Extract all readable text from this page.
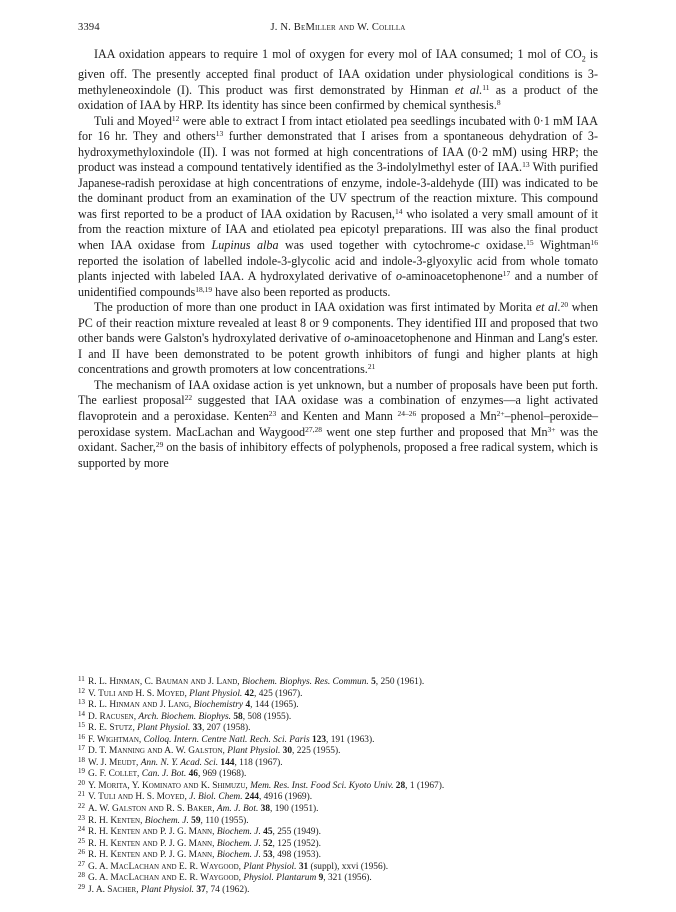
3394	J. N. BeMiller and W. Colilla

IAA oxidation appears to require 1 mol of oxygen for every mol of IAA consumed; 1 mol of $CO_2$ is given off. The presently accepted final product of IAA oxidation under physiological conditions is 3-methyleneoxindole (I). This product was first demonstrated by Hinman et al.$^{11}$ as a product of the oxidation of IAA by HRP. Its identity has since been confirmed by chemical synthesis.$^8$

Tuli and Moyed$^{12}$ were able to extract I from intact etiolated pea seedlings incubated with 0·1 mM IAA for 16 hr. They and others$^{13}$ further demonstrated that I arises from a spontaneous dehydration of 3-hydroxymethyloxindole (II). I was not formed at high concentrations of IAA (0·2 mM) using HRP; the product was instead a compound tentatively identified as the 3-indolylmethyl ester of IAA.$^{13}$ With purified Japanese-radish peroxidase at high concentrations of enzyme, indole-3-aldehyde (III) was indicated to be the dominant product from an examination of the UV spectrum of the reaction mixture. This compound was first reported to be a product of IAA oxidation by Racusen,$^{14}$ who isolated a very small amount of it from the reaction mixture of IAA and etiolated pea epicotyl preparations. III was also the final product when IAA oxidase from Lupinus alba was used together with cytochrome-c oxidase.$^{15}$ Wightman$^{16}$ reported the isolation of labelled indole-3-glycolic acid and indole-3-glyoxylic acid from whole tomato plants injected with labeled IAA. A hydroxylated derivative of o-aminoacetophenone$^{17}$ and a number of unidentified compounds$^{18,19}$ have also been reported as products.

The production of more than one product in IAA oxidation was first intimated by Morita et al.$^{20}$ when PC of their reaction mixture revealed at least 8 or 9 components. They identified III and proposed that two other bands were Galston's hydroxylated derivative of o-aminoacetophenone and Hinman and Lang's ester. I and II have been demonstrated to be potent growth inhibitors of fungi and higher plants at high concentrations and growth promoters at low concentrations.$^{21}$

The mechanism of IAA oxidase action is yet unknown, but a number of proposals have been put forth. The earliest proposal$^{22}$ suggested that IAA oxidase was a combination of enzymes—a light activated flavoprotein and a peroxidase. Kenten$^{23}$ and Kenten and Mann $^{24-26}$ proposed a $Mn^{2+}-phenol-peroxide$–peroxidase system. MacLachan and Waygood$^{27,28}$ went one step further and proposed that $Mn^{3+}$ was the oxidant. Sacher,$^{29}$ on the basis of inhibitory effects of polyphenols, proposed a free radical system, which is supported by more

11 R. L. Hinman, C. Bauman and J. Land, Biochem. Biophys. Res. Commun. 5, 250 (1961).
12 V. Tuli and H. S. Moyed, Plant Physiol. 42, 425 (1967).
13 R. L. Hinman and J. Lang, Biochemistry 4, 144 (1965).
14 D. Racusen, Arch. Biochem. Biophys. 58, 508 (1955).
15 R. E. Stutz, Plant Physiol. 33, 207 (1958).
16 F. Wightman, Colloq. Intern. Centre Natl. Rech. Sci. Paris 123, 191 (1963).
17 D. T. Manning and A. W. Galston, Plant Physiol. 30, 225 (1955).
18 W. J. Meudt, Ann. N. Y. Acad. Sci. 144, 118 (1967).
19 G. F. Collet, Can. J. Bot. 46, 969 (1968).
20 Y. Morita, Y. Kominato and K. Shimuzu, Mem. Res. Inst. Food Sci. Kyoto Univ. 28, 1 (1967).
21 V. Tuli and H. S. Moyed, J. Biol. Chem. 244, 4916 (1969).
22 A. W. Galston and R. S. Baker, Am. J. Bot. 38, 190 (1951).
23 R. H. Kenten, Biochem. J. 59, 110 (1955).
24 R. H. Kenten and P. J. G. Mann, Biochem. J. 45, 255 (1949).
25 R. H. Kenten and P. J. G. Mann, Biochem. J. 52, 125 (1952).
26 R. H. Kenten and P. J. G. Mann, Biochem. J. 53, 498 (1953).
27 G. A. MacLachan and E. R. Waygood, Plant Physiol. 31 (suppl), xxvi (1956).
28 G. A. MacLachan and E. R. Waygood, Physiol. Plantarum 9, 321 (1956).
29 J. A. Sacher, Plant Physiol. 37, 74 (1962).
